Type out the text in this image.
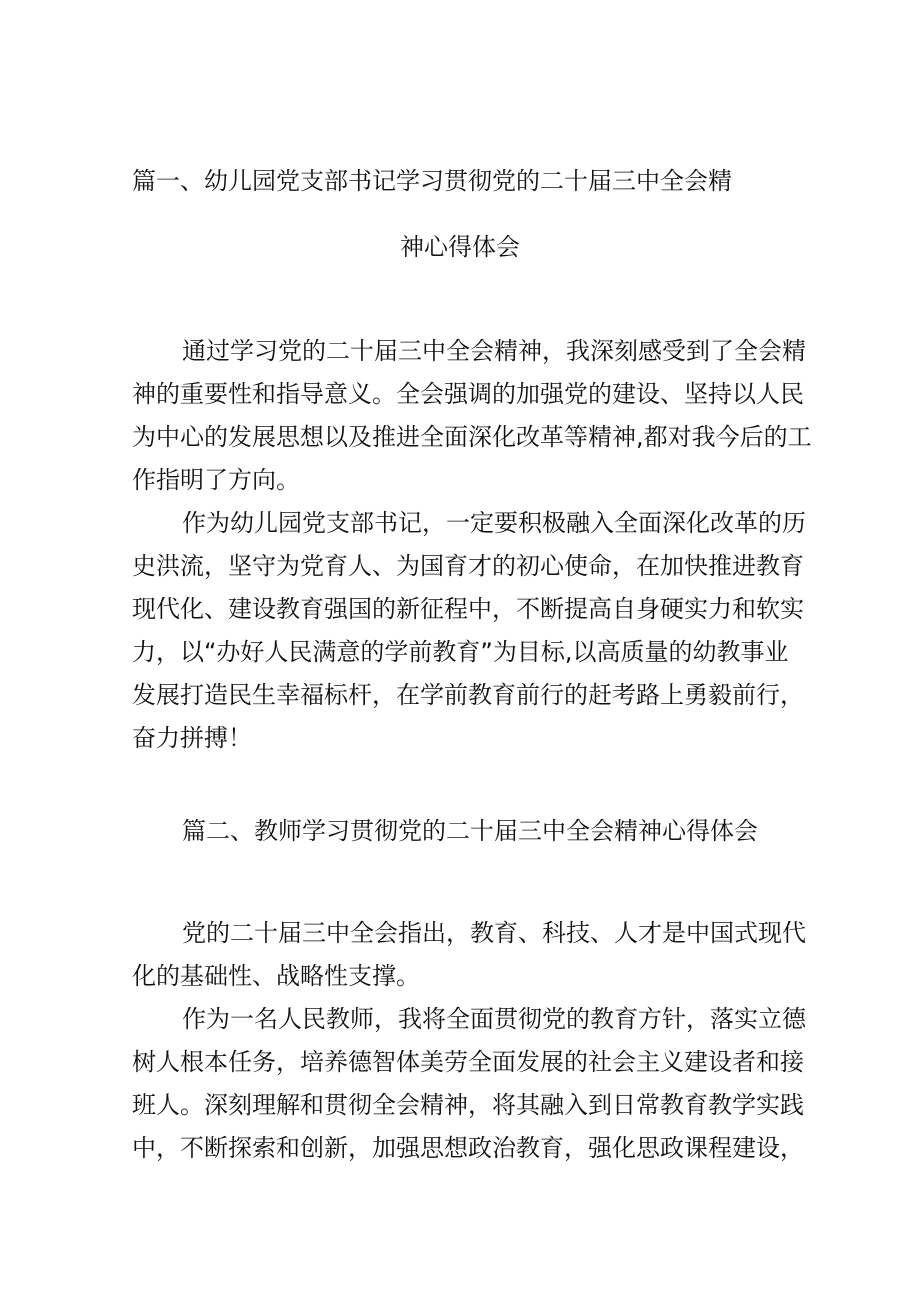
篇一、幼儿园党支部书记学习贯彻党的二十届三中全会精
神心得体会
通过学习党的二十届三中全会精神，我深刻感受到了全会精
神的重要性和指导意义。全会强调的加强党的建设、坚持以人民
为中心的发展思想以及推进全面深化改革等精神,都对我今后的工
作指明了方向。
作为幼儿园党支部书记，一定要积极融入全面深化改革的历
史洪流，坚守为党育人、为国育才的初心使命，在加快推进教育
现代化、建设教育强国的新征程中，不断提高自身硬实力和软实
力，以“办好人民满意的学前教育”为目标,以高质量的幼教事业
发展打造民生幸福标杆，在学前教育前行的赶考路上勇毅前行，
奋力拼搏！
篇二、教师学习贯彻党的二十届三中全会精神心得体会
党的二十届三中全会指出，教育、科技、人才是中国式现代
化的基础性、战略性支撑。
作为一名人民教师，我将全面贯彻党的教育方针，落实立德
树人根本任务，培养德智体美劳全面发展的社会主义建设者和接
班人。深刻理解和贯彻全会精神，将其融入到日常教育教学实践
中，不断探索和创新，加强思想政治教育，强化思政课程建设，
